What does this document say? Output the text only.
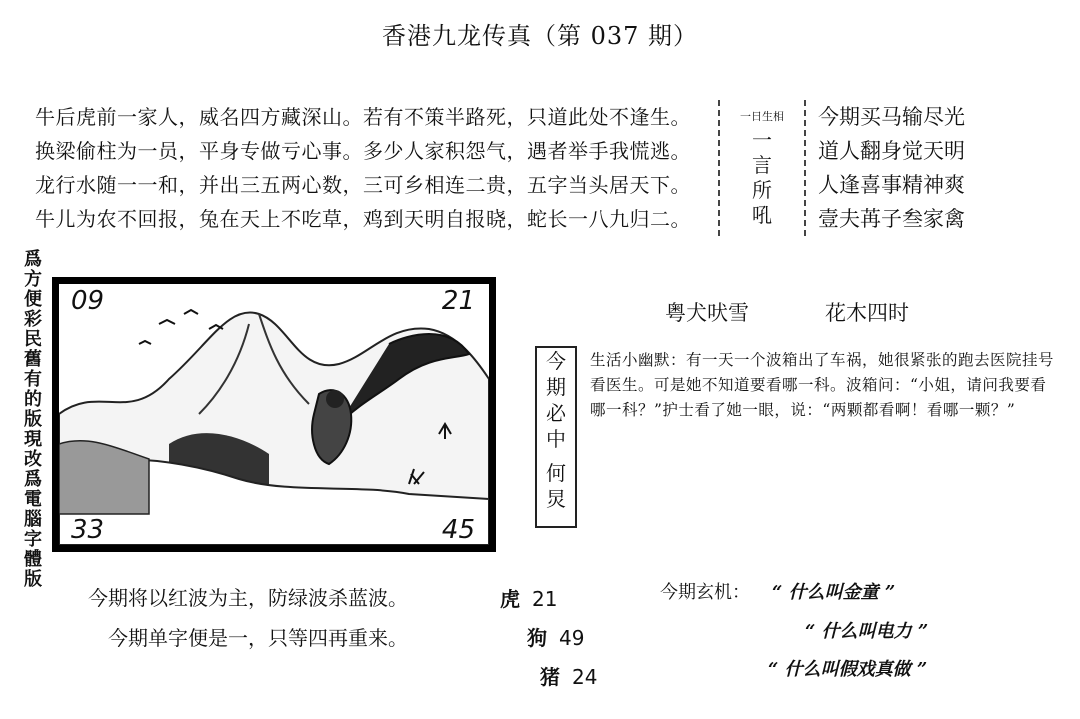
香港九龙传真（第 037 期）
牛后虎前一家人，威名四方藏深山。若有不策半路死，只道此处不逢生。
换梁偷柱为一员，平身专做亏心事。多少人家积怨气，遇者举手我慌逃。
龙行水随一一和，并出三五两心数，三可乡相连二贵，五字当头居天下。
牛儿为农不回报，兔在天上不吃草，鸡到天明自报晓，蛇长一八九归二。
一日生相
一
言
所
吼
今期买马输尽光
道人翻身觉天明
人逢喜事精神爽
壹夫苒子叁家禽
爲
方
便
彩
民
舊
有
的
版
現
改
爲
電
腦
字
體
版
09	21
33	45
粤犬吠雪	花木四时
今
期
必
中
何
炅
生活小幽默：有一天一个波箱出了车祸，她很紧张的跑去医院挂号看医生。可是她不知道要看哪一科。波箱问：“小姐，请问我要看哪一科？”护士看了她一眼，说：“两颗都看啊！看哪一颗？”
今期将以红波为主，防绿波杀蓝波。
今期单字便是一，只等四再重来。
虎 21
狗 49
猪 24
今期玄机： “ 什么叫金童 ”
“ 什么叫电力 ”
“ 什么叫假戏真做 ”
